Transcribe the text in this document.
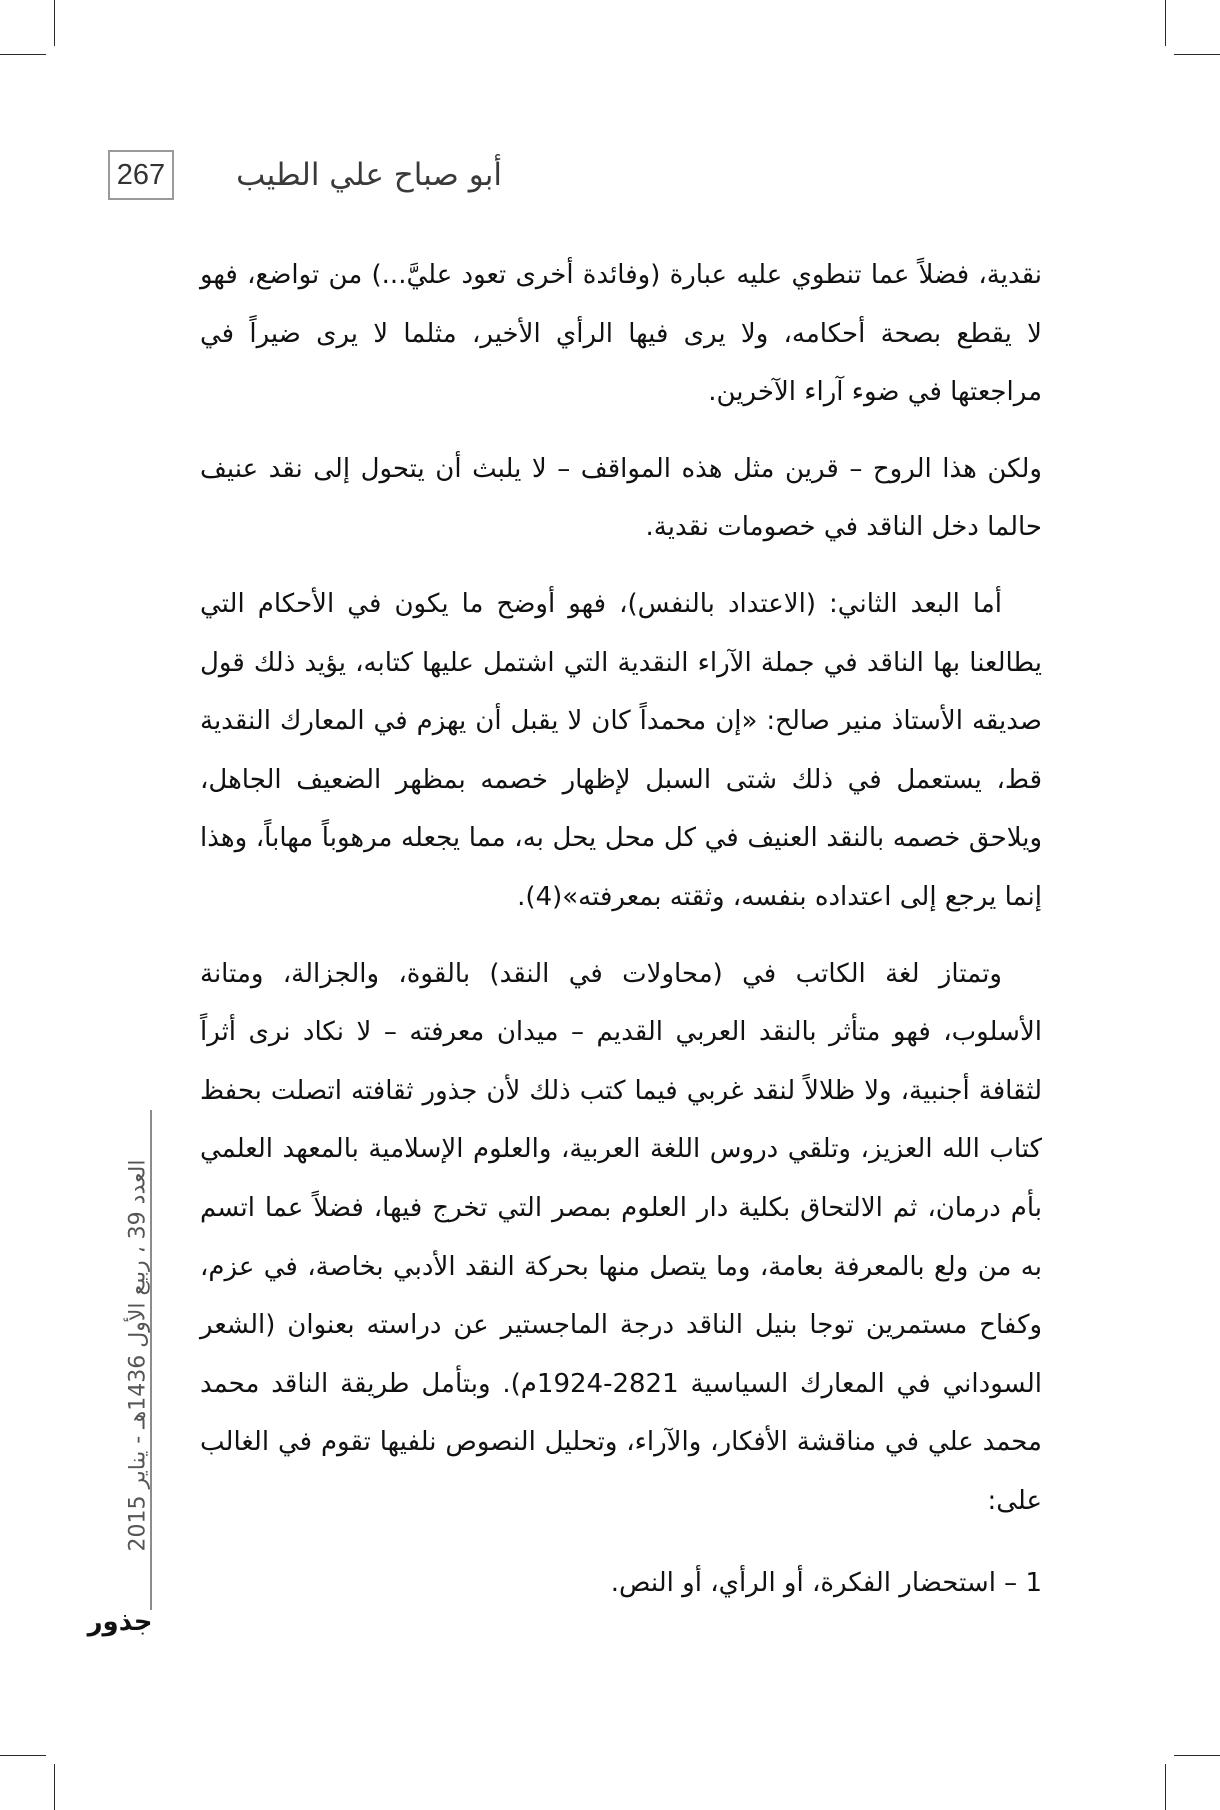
267 أبو صباح علي الطيب

نقدية، فضلاً عما تنطوي عليه عبارة (وفائدة أخرى تعود عليَّ...) من تواضع، فهو لا يقطع بصحة أحكامه، ولا يرى فيها الرأي الأخير، مثلما لا يرى ضيراً في مراجعتها في ضوء آراء الآخرين.

ولكن هذا الروح – قرين مثل هذه المواقف – لا يلبث أن يتحول إلى نقد عنيف حالما دخل الناقد في خصومات نقدية.

أما البعد الثاني: (الاعتداد بالنفس)، فهو أوضح ما يكون في الأحكام التي يطالعنا بها الناقد في جملة الآراء النقدية التي اشتمل عليها كتابه، يؤيد ذلك قول صديقه الأستاذ منير صالح: «إن محمداً كان لا يقبل أن يهزم في المعارك النقدية قط، يستعمل في ذلك شتى السبل لإظهار خصمه بمظهر الضعيف الجاهل، ويلاحق خصمه بالنقد العنيف في كل محل يحل به، مما يجعله مرهوباً مهاباً، وهذا إنما يرجع إلى اعتداده بنفسه، وثقته بمعرفته»(4).

وتمتاز لغة الكاتب في (محاولات في النقد) بالقوة، والجزالة، ومتانة الأسلوب، فهو متأثر بالنقد العربي القديم – ميدان معرفته – لا نكاد نرى أثراً لثقافة أجنبية، ولا ظلالاً لنقد غربي فيما كتب ذلك لأن جذور ثقافته اتصلت بحفظ كتاب الله العزيز، وتلقي دروس اللغة العربية، والعلوم الإسلامية بالمعهد العلمي بأم درمان، ثم الالتحاق بكلية دار العلوم بمصر التي تخرج فيها، فضلاً عما اتسم به من ولع بالمعرفة بعامة، وما يتصل منها بحركة النقد الأدبي بخاصة، في عزم، وكفاح مستمرين توجا بنيل الناقد درجة الماجستير عن دراسته بعنوان (الشعر السوداني في المعارك السياسية 2821-1924م). وبتأمل طريقة الناقد محمد محمد علي في مناقشة الأفكار، والآراء، وتحليل النصوص نلفيها تقوم في الغالب على:

1 – استحضار الفكرة، أو الرأي، أو النص.

العدد 39 ، ربيع الأول 1436هـ - يناير 2015
جذور
